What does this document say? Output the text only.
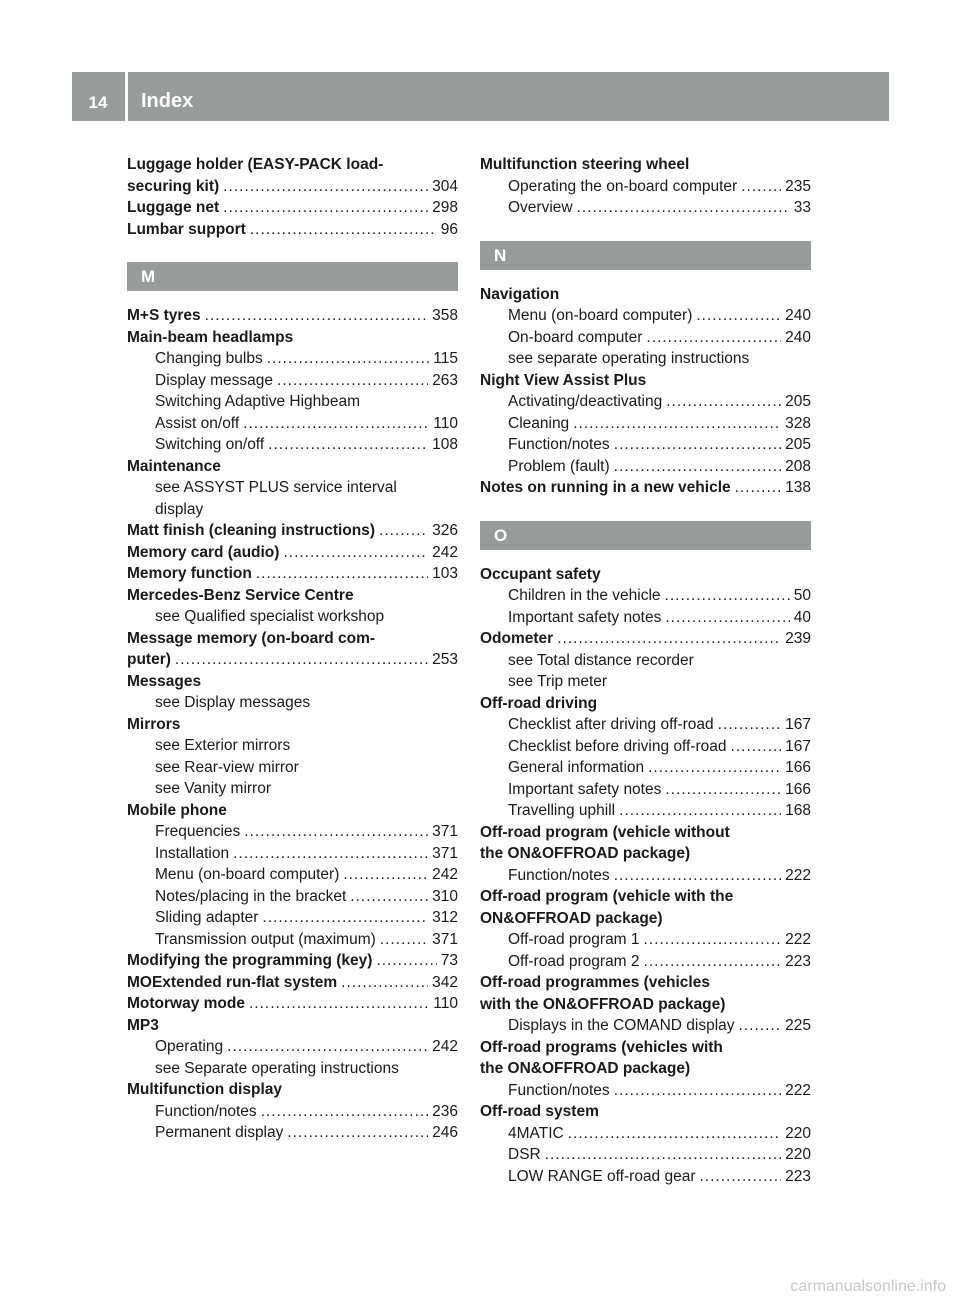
14	Index
Luggage holder (EASY-PACK load-
securing kit) .....	304
Luggage net .....	298
Lumbar support .....	96
M
M+S tyres .....	358
Main-beam headlamps
Changing bulbs .....	115
Display message .....	263
Switching Adaptive Highbeam
Assist on/off .....	110
Switching on/off .....	108
Maintenance
see ASSYST PLUS service interval
display
Matt finish (cleaning instructions) .....	326
Memory card (audio) .....	242
Memory function .....	103
Mercedes-Benz Service Centre
see Qualified specialist workshop
Message memory (on-board com-
puter) .....	253
Messages
see Display messages
Mirrors
see Exterior mirrors
see Rear-view mirror
see Vanity mirror
Mobile phone
Frequencies .....	371
Installation .....	371
Menu (on-board computer) .....	242
Notes/placing in the bracket .....	310
Sliding adapter .....	312
Transmission output (maximum) .....	371
Modifying the programming (key) .....	73
MOExtended run-flat system .....	342
Motorway mode .....	110
MP3
Operating .....	242
see Separate operating instructions
Multifunction display
Function/notes .....	236
Permanent display .....	246
Multifunction steering wheel
Operating the on-board computer .....	235
Overview .....	33
N
Navigation
Menu (on-board computer) .....	240
On-board computer .....	240
see separate operating instructions
Night View Assist Plus
Activating/deactivating .....	205
Cleaning .....	328
Function/notes .....	205
Problem (fault) .....	208
Notes on running in a new vehicle .....	138
O
Occupant safety
Children in the vehicle .....	50
Important safety notes .....	40
Odometer .....	239
see Total distance recorder
see Trip meter
Off-road driving
Checklist after driving off-road .....	167
Checklist before driving off-road .....	167
General information .....	166
Important safety notes .....	166
Travelling uphill .....	168
Off-road program (vehicle without
the ON&OFFROAD package)
Function/notes .....	222
Off-road program (vehicle with the
ON&OFFROAD package)
Off-road program 1 .....	222
Off-road program 2 .....	223
Off-road programmes (vehicles
with the ON&OFFROAD package)
Displays in the COMAND display .....	225
Off-road programs (vehicles with
the ON&OFFROAD package)
Function/notes .....	222
Off-road system
4MATIC .....	220
DSR .....	220
LOW RANGE off-road gear .....	223
carmanualsonline.info
